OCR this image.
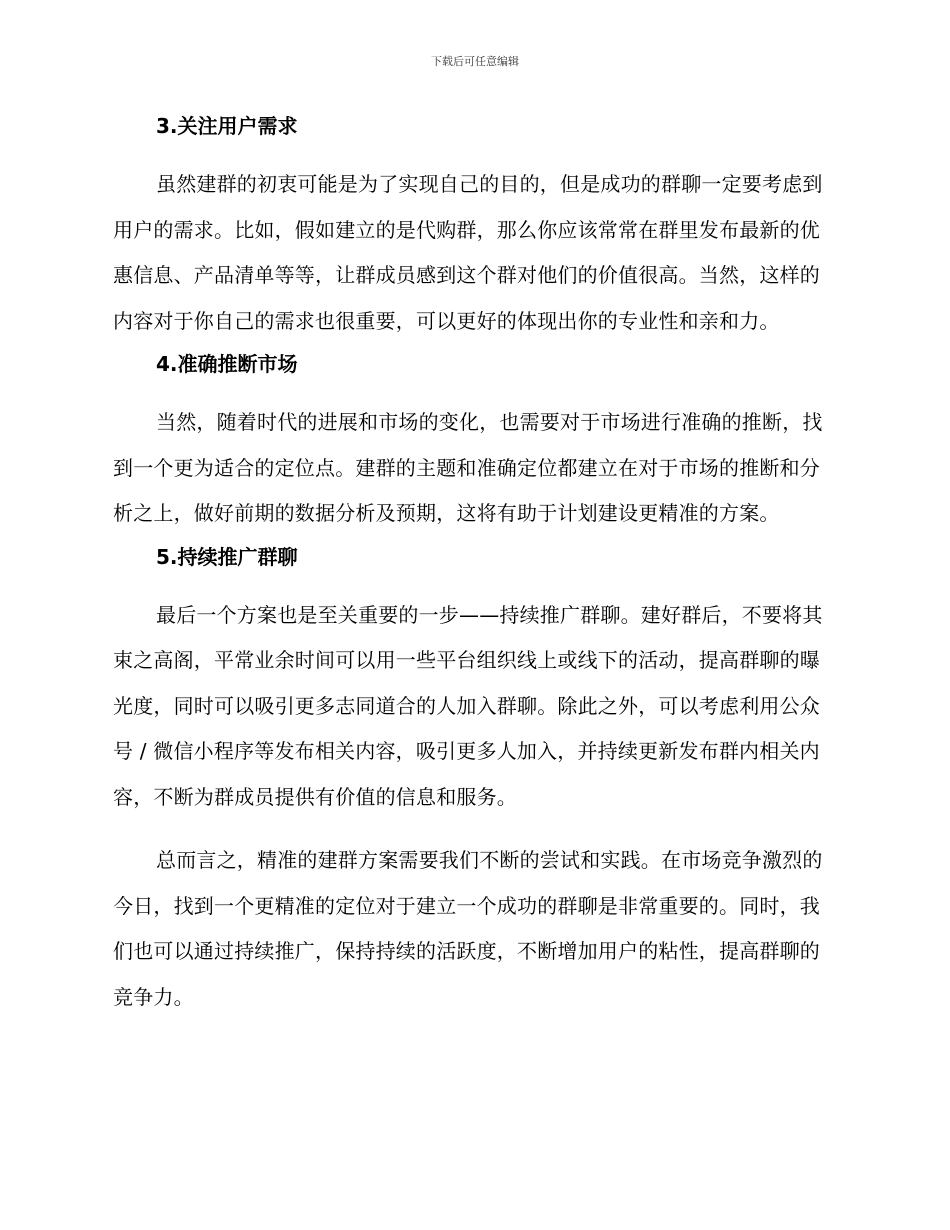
下载后可任意编辑
3.关注用户需求

虽然建群的初衷可能是为了实现自己的目的，但是成功的群聊一定要考虑到用户的需求。比如，假如建立的是代购群，那么你应该常常在群里发布最新的优惠信息、产品清单等等，让群成员感到这个群对他们的价值很高。当然，这样的内容对于你自己的需求也很重要，可以更好的体现出你的专业性和亲和力。

4.准确推断市场

当然，随着时代的进展和市场的变化，也需要对于市场进行准确的推断，找到一个更为适合的定位点。建群的主题和准确定位都建立在对于市场的推断和分析之上，做好前期的数据分析及预期，这将有助于计划建设更精准的方案。

5.持续推广群聊

最后一个方案也是至关重要的一步——持续推广群聊。建好群后，不要将其束之高阁，平常业余时间可以用一些平台组织线上或线下的活动，提高群聊的曝光度，同时可以吸引更多志同道合的人加入群聊。除此之外，可以考虑利用公众号 / 微信小程序等发布相关内容，吸引更多人加入，并持续更新发布群内相关内容，不断为群成员提供有价值的信息和服务。

总而言之，精准的建群方案需要我们不断的尝试和实践。在市场竞争激烈的今日，找到一个更精准的定位对于建立一个成功的群聊是非常重要的。同时，我们也可以通过持续推广，保持持续的活跃度，不断增加用户的粘性，提高群聊的竞争力。
